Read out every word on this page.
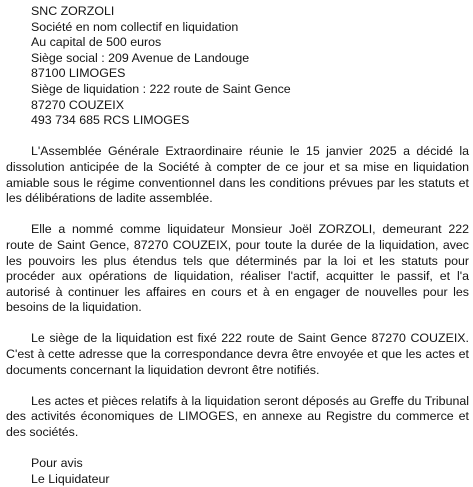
SNC ZORZOLI
Société en nom collectif en liquidation
Au capital de 500 euros
Siège social : 209 Avenue de Landouge
87100 LIMOGES
Siège de liquidation : 222 route de Saint Gence
87270 COUZEIX
493 734 685 RCS LIMOGES

L'Assemblée Générale Extraordinaire réunie le 15 janvier 2025 a décidé la dissolution anticipée de la Société à compter de ce jour et sa mise en liquidation amiable sous le régime conventionnel dans les conditions prévues par les statuts et les délibérations de ladite assemblée.

Elle a nommé comme liquidateur Monsieur Joël ZORZOLI, demeurant 222 route de Saint Gence, 87270 COUZEIX, pour toute la durée de la liquidation, avec les pouvoirs les plus étendus tels que déterminés par la loi et les statuts pour procéder aux opérations de liquidation, réaliser l'actif, acquitter le passif, et l'a autorisé à continuer les affaires en cours et à en engager de nouvelles pour les besoins de la liquidation.

Le siège de la liquidation est fixé 222 route de Saint Gence 87270 COUZEIX. C'est à cette adresse que la correspondance devra être envoyée et que les actes et documents concernant la liquidation devront être notifiés.

Les actes et pièces relatifs à la liquidation seront déposés au Greffe du Tribunal des activités économiques de LIMOGES, en annexe au Registre du commerce et des sociétés.

Pour avis
Le Liquidateur
